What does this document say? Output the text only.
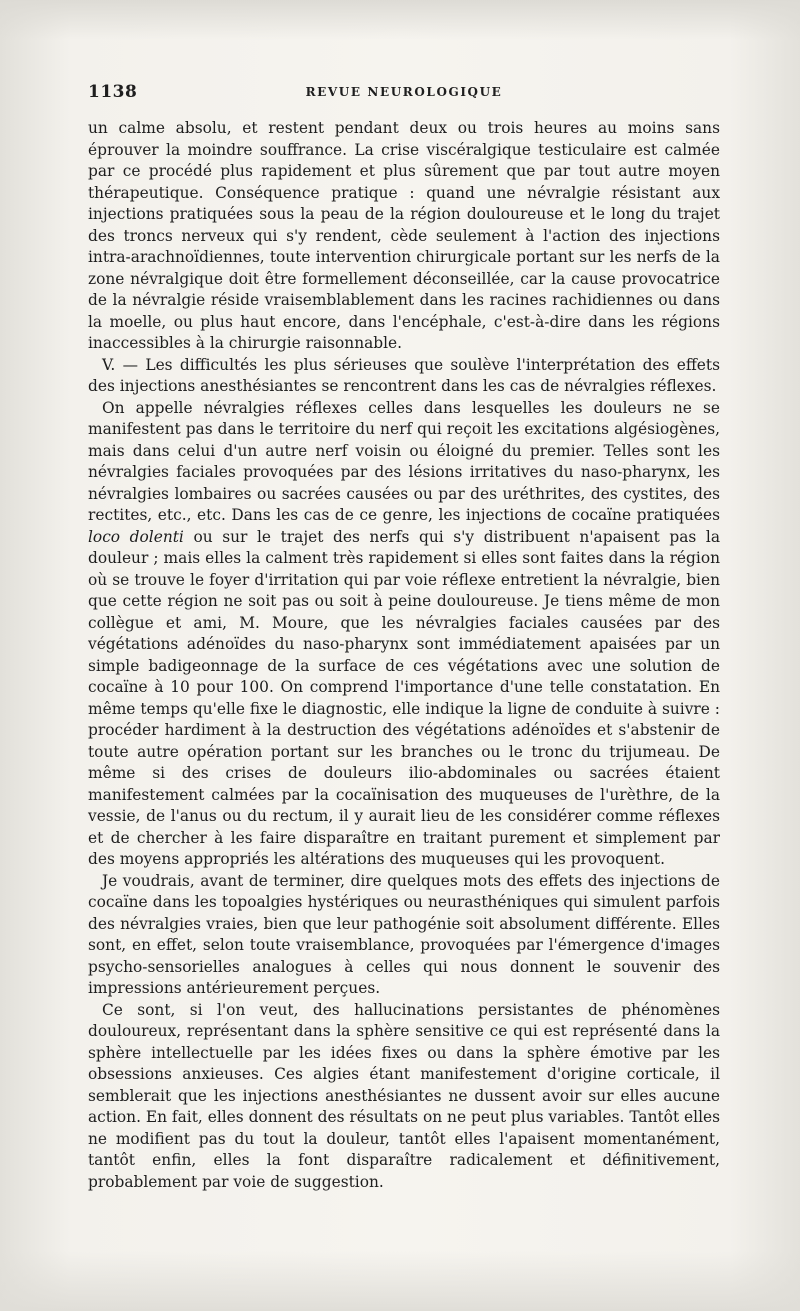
1138	REVUE NEUROLOGIQUE

un calme absolu, et restent pendant deux ou trois heures au moins sans éprouver la moindre souffrance. La crise viscéralgique testiculaire est calmée par ce procédé plus rapidement et plus sûrement que par tout autre moyen thérapeutique. Conséquence pratique : quand une névralgie résistant aux injections pratiquées sous la peau de la région douloureuse et le long du trajet des troncs nerveux qui s'y rendent, cède seulement à l'action des injections intra-arachnoïdiennes, toute intervention chirurgicale portant sur les nerfs de la zone névralgique doit être formellement déconseillée, car la cause provocatrice de la névralgie réside vraisemblablement dans les racines rachidiennes ou dans la moelle, ou plus haut encore, dans l'encéphale, c'est-à-dire dans les régions inaccessibles à la chirurgie raisonnable.

V. — Les difficultés les plus sérieuses que soulève l'interprétation des effets des injections anesthésiantes se rencontrent dans les cas de névralgies réflexes.

On appelle névralgies réflexes celles dans lesquelles les douleurs ne se manifestent pas dans le territoire du nerf qui reçoit les excitations algésiogènes, mais dans celui d'un autre nerf voisin ou éloigné du premier. Telles sont les névralgies faciales provoquées par des lésions irritatives du naso-pharynx, les névralgies lombaires ou sacrées causées ou par des uréthrites, des cystites, des rectites, etc., etc. Dans les cas de ce genre, les injections de cocaïne pratiquées loco dolenti ou sur le trajet des nerfs qui s'y distribuent n'apaisent pas la douleur ; mais elles la calment très rapidement si elles sont faites dans la région où se trouve le foyer d'irritation qui par voie réflexe entretient la névralgie, bien que cette région ne soit pas ou soit à peine douloureuse. Je tiens même de mon collègue et ami, M. Moure, que les névralgies faciales causées par des végétations adénoïdes du naso-pharynx sont immédiatement apaisées par un simple badigeonnage de la surface de ces végétations avec une solution de cocaïne à 10 pour 100. On comprend l'importance d'une telle constatation. En même temps qu'elle fixe le diagnostic, elle indique la ligne de conduite à suivre : procéder hardiment à la destruction des végétations adénoïdes et s'abstenir de toute autre opération portant sur les branches ou le tronc du trijumeau. De même si des crises de douleurs ilio-abdominales ou sacrées étaient manifestement calmées par la cocaïnisation des muqueuses de l'urèthre, de la vessie, de l'anus ou du rectum, il y aurait lieu de les considérer comme réflexes et de chercher à les faire disparaître en traitant purement et simplement par des moyens appropriés les altérations des muqueuses qui les provoquent.

Je voudrais, avant de terminer, dire quelques mots des effets des injections de cocaïne dans les topoalgies hystériques ou neurasthéniques qui simulent parfois des névralgies vraies, bien que leur pathogénie soit absolument différente. Elles sont, en effet, selon toute vraisemblance, provoquées par l'émergence d'images psycho-sensorielles analogues à celles qui nous donnent le souvenir des impressions antérieurement perçues.

Ce sont, si l'on veut, des hallucinations persistantes de phénomènes douloureux, représentant dans la sphère sensitive ce qui est représenté dans la sphère intellectuelle par les idées fixes ou dans la sphère émotive par les obsessions anxieuses. Ces algies étant manifestement d'origine corticale, il semblerait que les injections anesthésiantes ne dussent avoir sur elles aucune action. En fait, elles donnent des résultats on ne peut plus variables. Tantôt elles ne modifient pas du tout la douleur, tantôt elles l'apaisent momentanément, tantôt enfin, elles la font disparaître radicalement et définitivement, probablement par voie de suggestion.
